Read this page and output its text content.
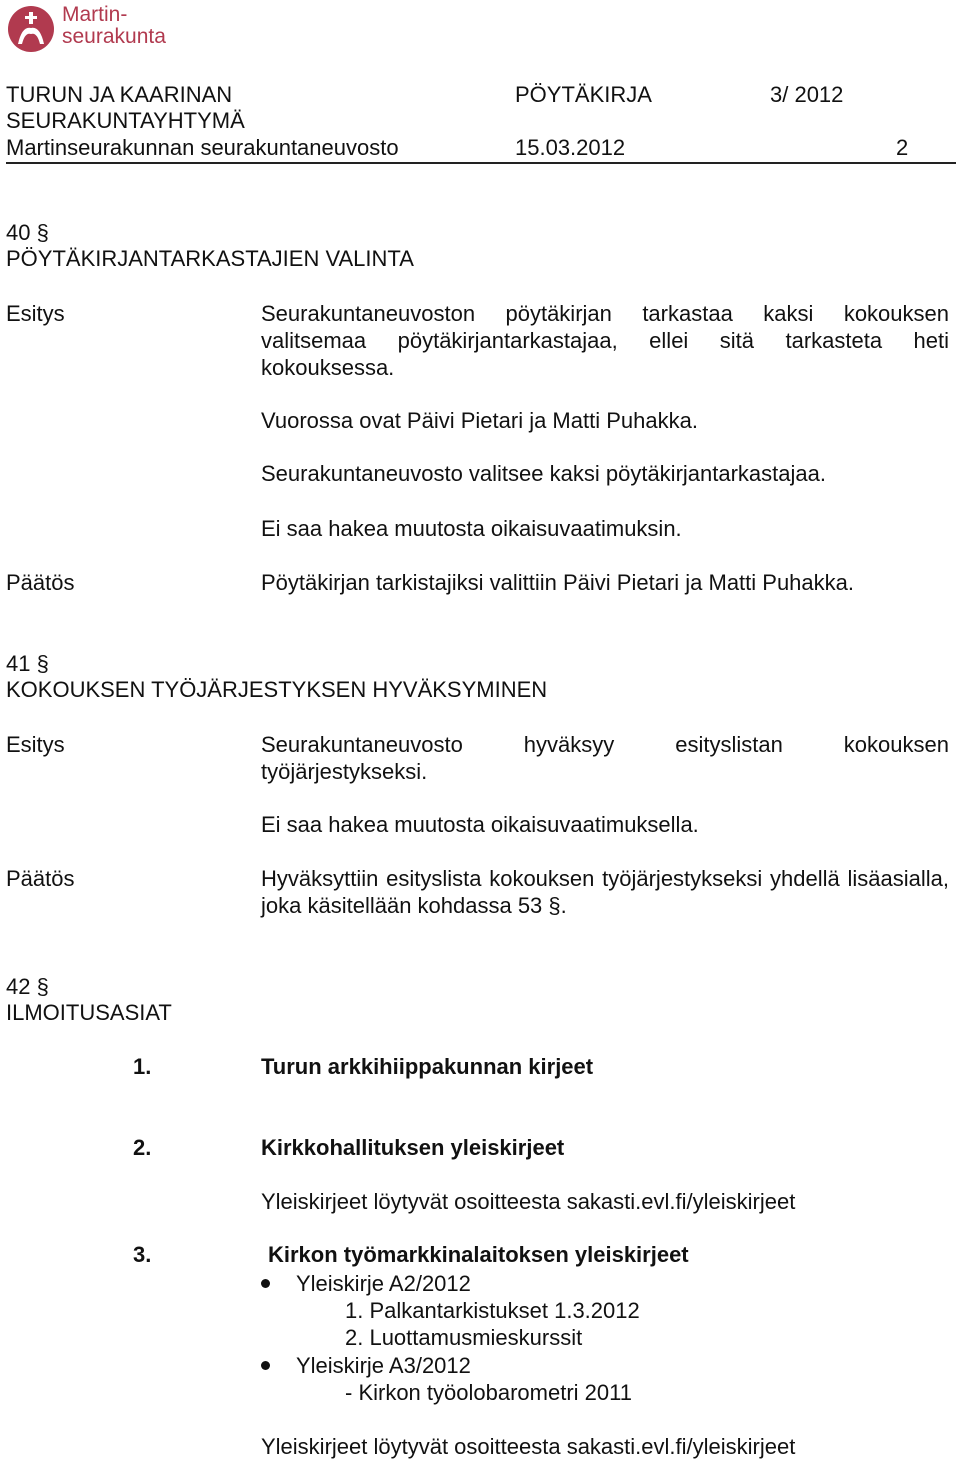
Martin-
seurakunta
TURUN JA KAARINAN
SEURAKUNTAYHTYMÄ
Martinseurakunnan seurakuntaneuvosto
PÖYTÄKIRJA	3/ 2012
15.03.2012	2
40 §
PÖYTÄKIRJANTARKASTAJIEN VALINTA
Esitys	Seurakuntaneuvoston pöytäkirjan tarkastaa kaksi kokouksen valitsemaa pöytäkirjantarkastajaa, ellei sitä tarkasteta heti kokouksessa.
Vuorossa ovat Päivi Pietari ja Matti Puhakka.
Seurakuntaneuvosto valitsee kaksi pöytäkirjantarkastajaa.
Ei saa hakea muutosta oikaisuvaatimuksin.
Päätös	Pöytäkirjan tarkistajiksi valittiin Päivi Pietari ja Matti Puhakka.
41 §
KOKOUKSEN TYÖJÄRJESTYKSEN HYVÄKSYMINEN
Esitys	Seurakuntaneuvosto hyväksyy esityslistan kokouksen työjärjestykseksi.
Ei saa hakea muutosta oikaisuvaatimuksella.
Päätös	Hyväksyttiin esityslista kokouksen työjärjestykseksi yhdellä lisäasialla, joka käsitellään kohdassa 53 §.
42 §
ILMOITUSASIAT
1.	Turun arkkihiippakunnan kirjeet
2.	Kirkkohallituksen yleiskirjeet
Yleiskirjeet löytyvät osoitteesta sakasti.evl.fi/yleiskirjeet
3.	Kirkon työmarkkinalaitoksen yleiskirjeet
Yleiskirje A2/2012
1. Palkantarkistukset 1.3.2012
2. Luottamusmieskurssit
Yleiskirje A3/2012
- Kirkon työolobarometri 2011
Yleiskirjeet löytyvät osoitteesta sakasti.evl.fi/yleiskirjeet
